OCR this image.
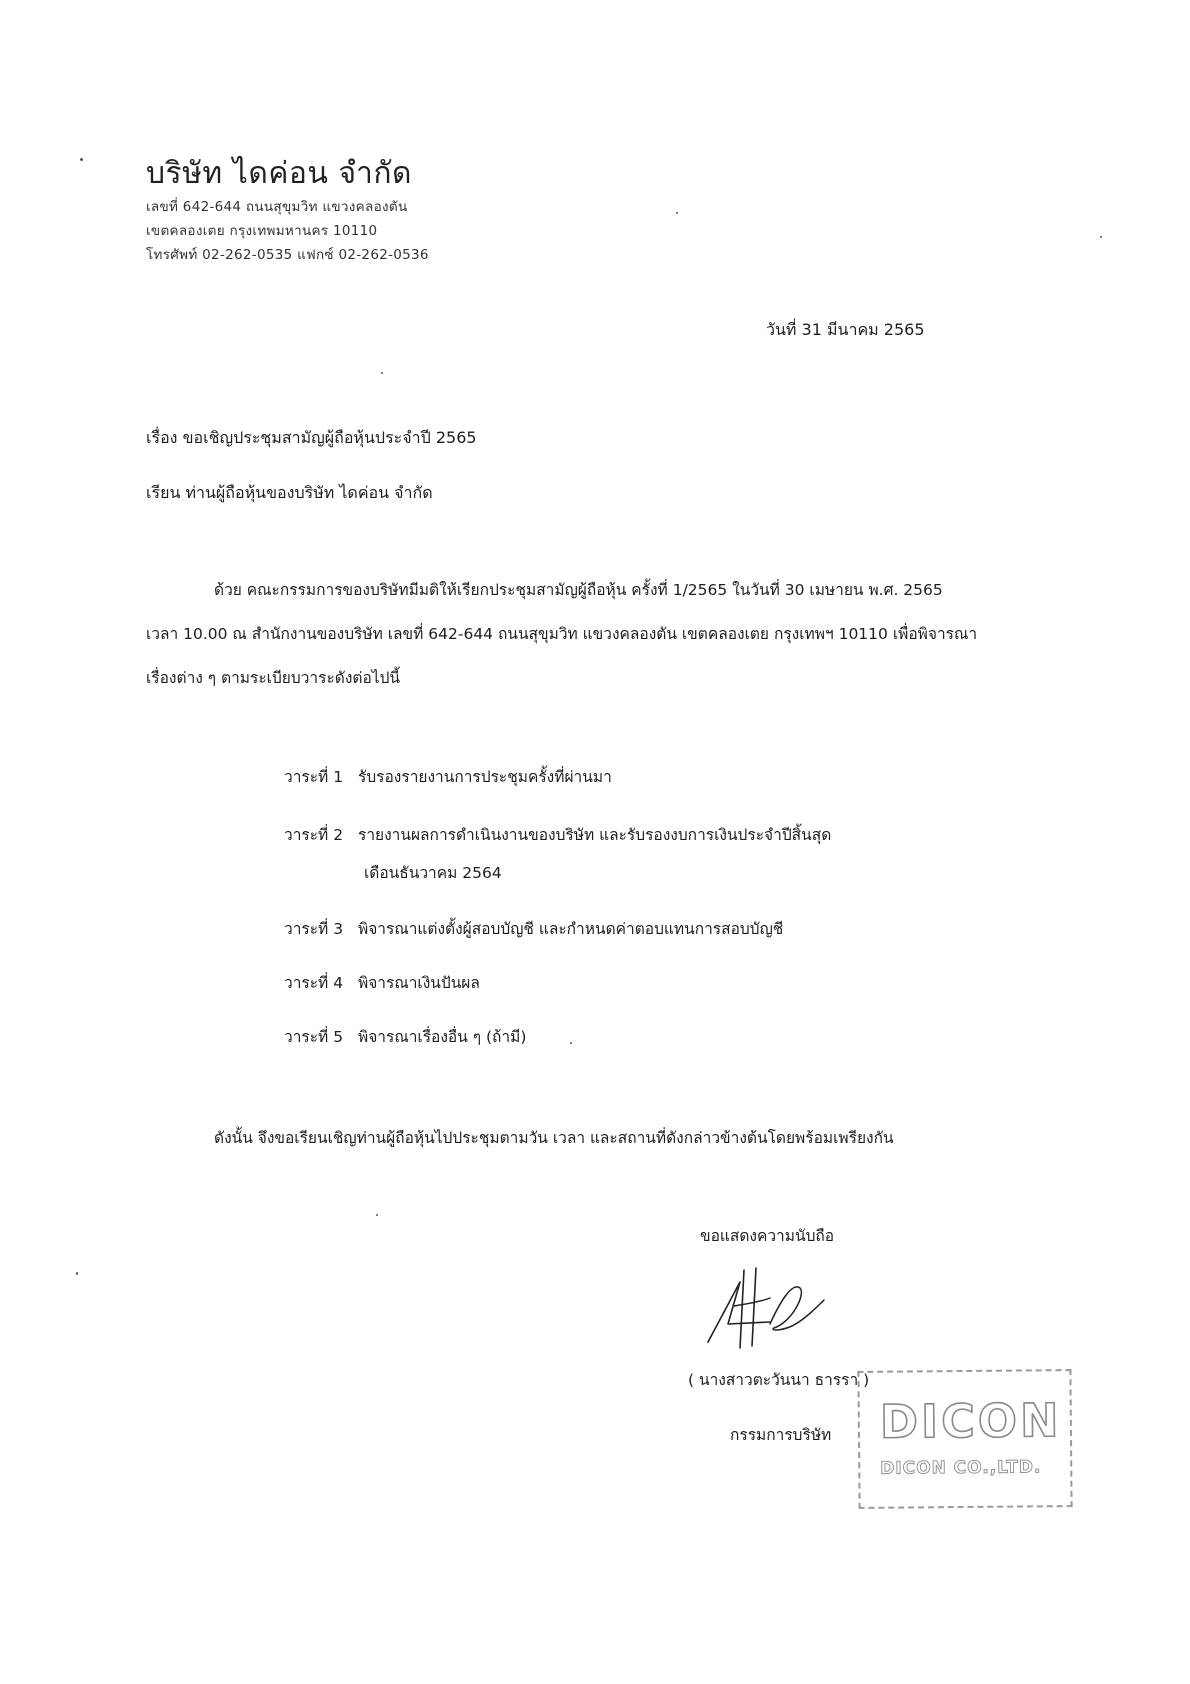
บริษัท ไดค่อน จำกัด
เลขที่ 642-644 ถนนสุขุมวิท แขวงคลองตัน
เขตคลองเตย กรุงเทพมหานคร 10110
โทรศัพท์ 02-262-0535 แฟกซ์ 02-262-0536
วันที่ 31 มีนาคม 2565
เรื่อง ขอเชิญประชุมสามัญผู้ถือหุ้นประจำปี 2565
เรียน ท่านผู้ถือหุ้นของบริษัท ไดค่อน จำกัด
ด้วย คณะกรรมการของบริษัทมีมติให้เรียกประชุมสามัญผู้ถือหุ้น ครั้งที่ 1/2565 ในวันที่ 30 เมษายน พ.ศ. 2565
เวลา 10.00 ณ สำนักงานของบริษัท เลขที่ 642-644 ถนนสุขุมวิท แขวงคลองตัน เขตคลองเตย กรุงเทพฯ 10110 เพื่อพิจารณา
เรื่องต่าง ๆ ตามระเบียบวาระดังต่อไปนี้
วาระที่ 1 รับรองรายงานการประชุมครั้งที่ผ่านมา
วาระที่ 2 รายงานผลการดำเนินงานของบริษัท และรับรองงบการเงินประจำปีสิ้นสุด
เดือนธันวาคม 2564
วาระที่ 3 พิจารณาแต่งตั้งผู้สอบบัญชี และกำหนดค่าตอบแทนการสอบบัญชี
วาระที่ 4 พิจารณาเงินปันผล
วาระที่ 5 พิจารณาเรื่องอื่น ๆ (ถ้ามี)
ดังนั้น จึงขอเรียนเชิญท่านผู้ถือหุ้นไปประชุมตามวัน เวลา และสถานที่ดังกล่าวข้างต้นโดยพร้อมเพรียงกัน
ขอแสดงความนับถือ
( นางสาวตะวันนา ธารรา )
กรรมการบริษัท DICON
DICON CO.,LTD.
